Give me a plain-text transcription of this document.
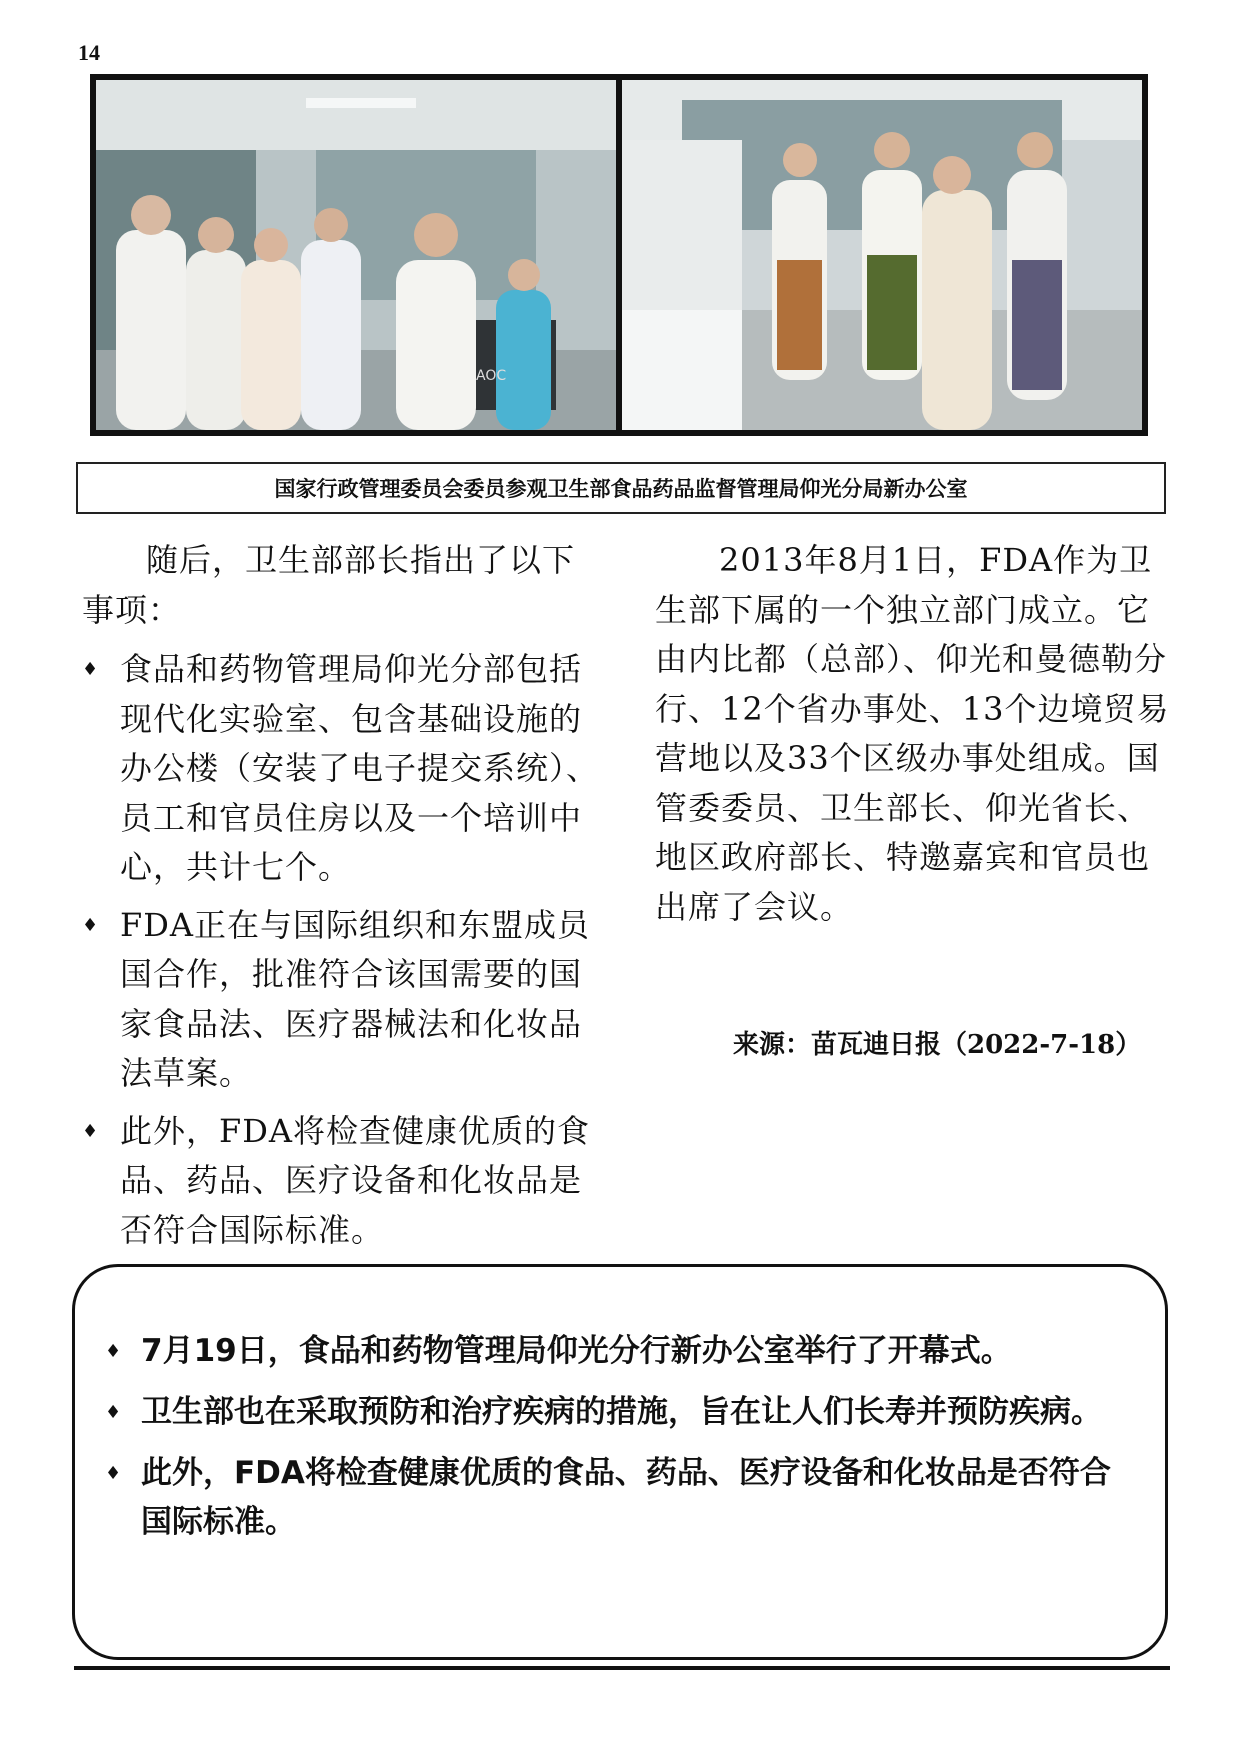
14
AOC
国家行政管理委员会委员参观卫生部食品药品监督管理局仰光分局新办公室

随后，卫生部部长指出了以下事项：

♦ 食品和药物管理局仰光分部包括现代化实验室、包含基础设施的办公楼（安装了电子提交系统）、员工和官员住房以及一个培训中心，共计七个。
♦ FDA正在与国际组织和东盟成员国合作，批准符合该国需要的国家食品法、医疗器械法和化妆品法草案。
♦ 此外，FDA将检查健康优质的食品、药品、医疗设备和化妆品是否符合国际标准。

2013年8月1日，FDA作为卫生部下属的一个独立部门成立。它由内比都（总部）、仰光和曼德勒分行、12个省办事处、13个边境贸易营地以及33个区级办事处组成。国管委委员、卫生部长、仰光省长、地区政府部长、特邀嘉宾和官员也出席了会议。

来源：苗瓦迪日报（2022-7-18）
♦ 7月19日，食品和药物管理局仰光分行新办公室举行了开幕式。
♦ 卫生部也在采取预防和治疗疾病的措施，旨在让人们长寿并预防疾病。
♦ 此外，FDA将检查健康优质的食品、药品、医疗设备和化妆品是否符合国际标准。
